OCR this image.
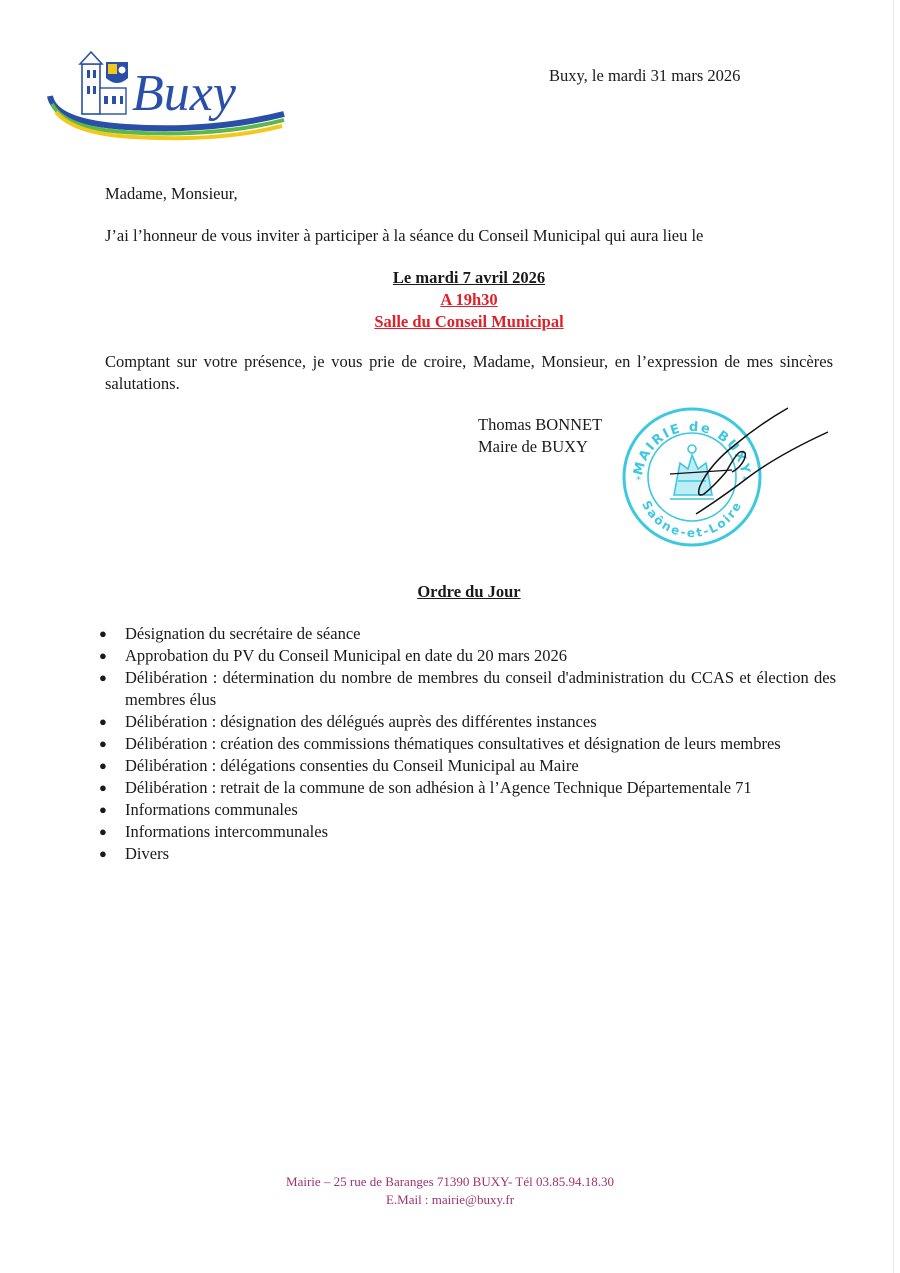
Buxy	Buxy, le mardi 31 mars 2026
Madame, Monsieur,
J’ai l’honneur de vous inviter à participer à la séance du Conseil Municipal qui aura lieu le
Le mardi 7 avril 2026
A 19h30
Salle du Conseil Municipal
Comptant sur votre présence, je vous prie de croire, Madame, Monsieur, en l’expression de mes sincères salutations.
Thomas BONNET
Maire de BUXY
MAIRIE de BUXY
Saône-et-Loire
*	*
Ordre du Jour
● Désignation du secrétaire de séance
● Approbation du PV du Conseil Municipal en date du 20 mars 2026
● Délibération : détermination du nombre de membres du conseil d'administration du CCAS et élection des membres élus
● Délibération : désignation des délégués auprès des différentes instances
● Délibération : création des commissions thématiques consultatives et désignation de leurs membres
● Délibération : délégations consenties du Conseil Municipal au Maire
● Délibération : retrait de la commune de son adhésion à l’Agence Technique Départementale 71
● Informations communales
● Informations intercommunales
● Divers
Mairie – 25 rue de Baranges 71390 BUXY- Tél 03.85.94.18.30
E.Mail : mairie@buxy.fr
